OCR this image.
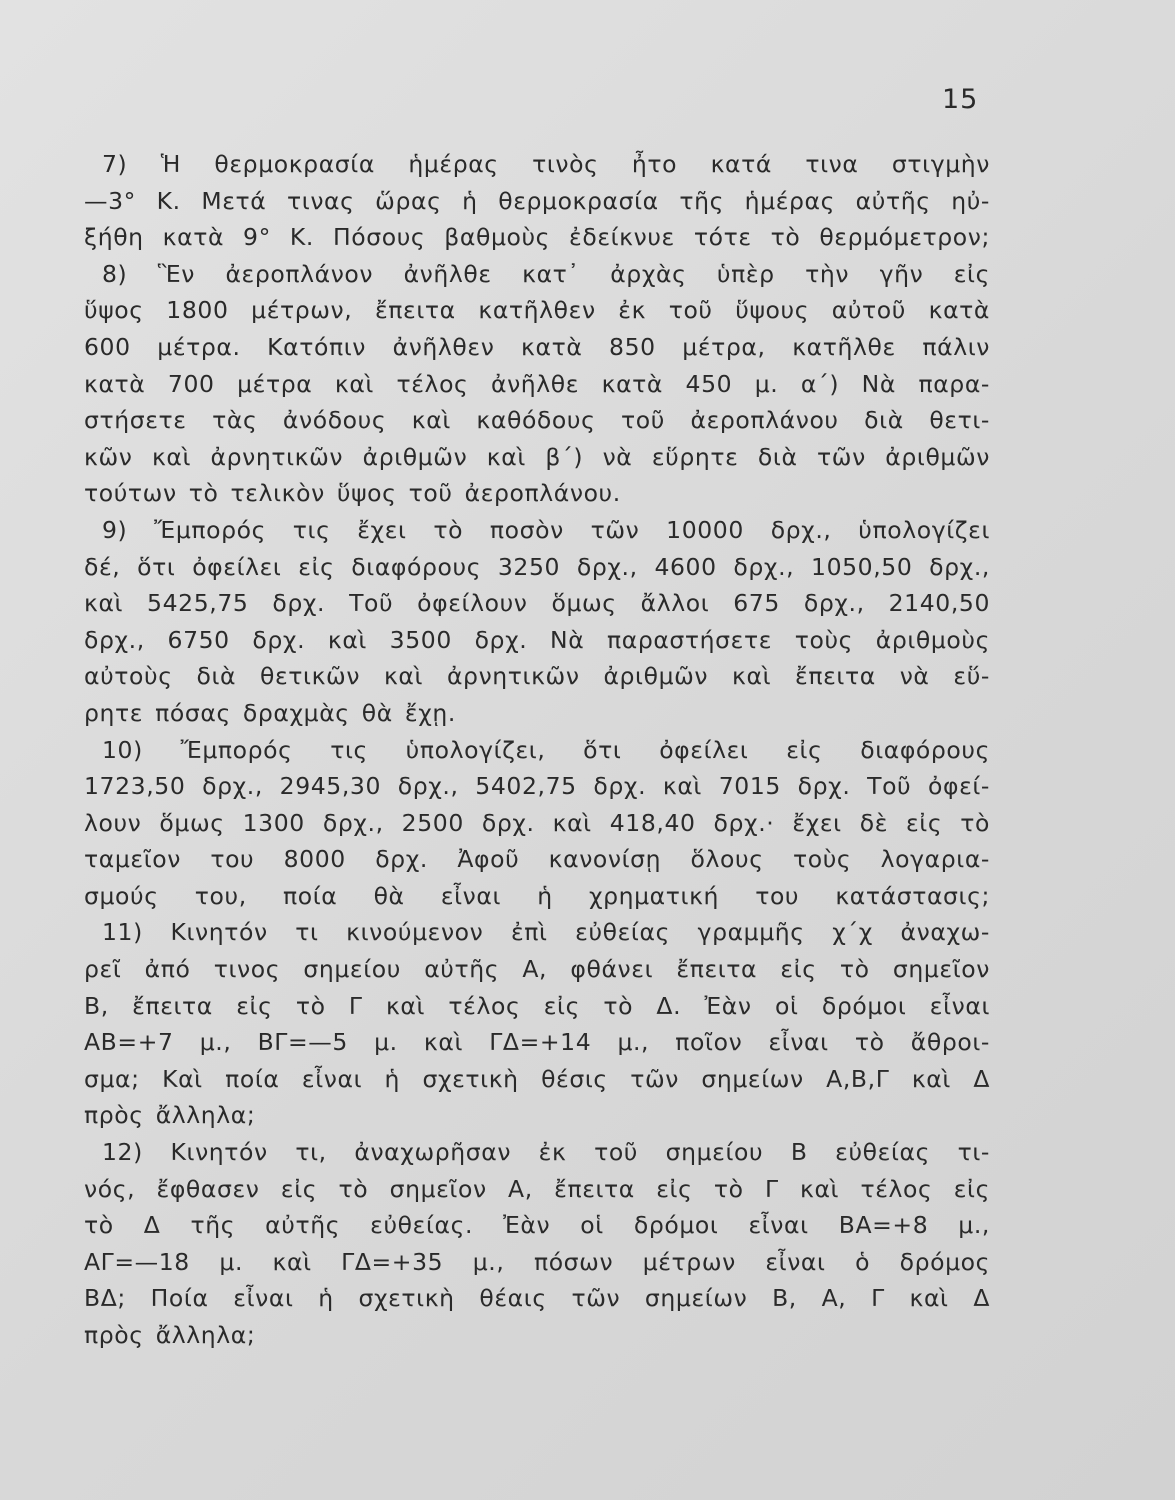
15
7) Ἡ θερμοκρασία ἡμέρας τινὸς ἦτο κατά τινα στιγμὴν
—3° Κ. Μετά τινας ὥρας ἡ θερμοκρασία τῆς ἡμέρας αὐτῆς ηὐ-
ξήθη κατὰ 9° Κ. Πόσους βαθμοὺς ἐδείκνυε τότε τὸ θερμόμετρον;
8) Ἓν ἀεροπλάνον ἀνῆλθε κατ᾽ ἀρχὰς ὑπὲρ τὴν γῆν εἰς
ὕψος 1800 μέτρων, ἔπειτα κατῆλθεν ἐκ τοῦ ὕψους αὐτοῦ κατὰ
600 μέτρα. Κατόπιν ἀνῆλθεν κατὰ 850 μέτρα, κατῆλθε πάλιν
κατὰ 700 μέτρα καὶ τέλος ἀνῆλθε κατὰ 450 μ. α΄) Νὰ παρα-
στήσετε τὰς ἀνόδους καὶ καθόδους τοῦ ἀεροπλάνου διὰ θετι-
κῶν καὶ ἀρνητικῶν ἀριθμῶν καὶ β΄) νὰ εὕρητε διὰ τῶν ἀριθμῶν
τούτων τὸ τελικὸν ὕψος τοῦ ἀεροπλάνου.
9) Ἔμπορός τις ἔχει τὸ ποσὸν τῶν 10000 δρχ., ὑπολογίζει
δέ, ὅτι ὀφείλει εἰς διαφόρους 3250 δρχ., 4600 δρχ., 1050,50 δρχ.,
καὶ 5425,75 δρχ. Τοῦ ὀφείλουν ὅμως ἄλλοι 675 δρχ., 2140,50
δρχ., 6750 δρχ. καὶ 3500 δρχ. Νὰ παραστήσετε τοὺς ἀριθμοὺς
αὐτοὺς διὰ θετικῶν καὶ ἀρνητικῶν ἀριθμῶν καὶ ἔπειτα νὰ εὕ-
ρητε πόσας δραχμὰς θὰ ἔχῃ.
10) Ἔμπορός τις ὑπολογίζει, ὅτι ὀφείλει εἰς διαφόρους
1723,50 δρχ., 2945,30 δρχ., 5402,75 δρχ. καὶ 7015 δρχ. Τοῦ ὀφεί-
λουν ὅμως 1300 δρχ., 2500 δρχ. καὶ 418,40 δρχ.· ἔχει δὲ εἰς τὸ
ταμεῖον του 8000 δρχ. Ἀφοῦ κανονίσῃ ὅλους τοὺς λογαρια-
σμούς του, ποία θὰ εἶναι ἡ χρηματική του κατάστασις;
11) Κινητόν τι κινούμενον ἐπὶ εὐθείας γραμμῆς χ΄χ ἀναχω-
ρεῖ ἀπό τινος σημείου αὐτῆς Α, φθάνει ἔπειτα εἰς τὸ σημεῖον
Β, ἔπειτα εἰς τὸ Γ καὶ τέλος εἰς τὸ Δ. Ἐὰν οἱ δρόμοι εἶναι
ΑΒ=+7 μ., ΒΓ=—5 μ. καὶ ΓΔ=+14 μ., ποῖον εἶναι τὸ ἄθροι-
σμα; Καὶ ποία εἶναι ἡ σχετικὴ θέσις τῶν σημείων Α,Β,Γ καὶ Δ
πρὸς ἄλληλα;
12) Κινητόν τι, ἀναχωρῆσαν ἐκ τοῦ σημείου Β εὐθείας τι-
νός, ἔφθασεν εἰς τὸ σημεῖον Α, ἔπειτα εἰς τὸ Γ καὶ τέλος εἰς
τὸ Δ τῆς αὐτῆς εὐθείας. Ἐὰν οἱ δρόμοι εἶναι ΒΑ=+8 μ.,
ΑΓ=—18 μ. καὶ ΓΔ=+35 μ., πόσων μέτρων εἶναι ὁ δρόμος
ΒΔ; Ποία εἶναι ἡ σχετικὴ θέαις τῶν σημείων Β, Α, Γ καὶ Δ
πρὸς ἄλληλα;
